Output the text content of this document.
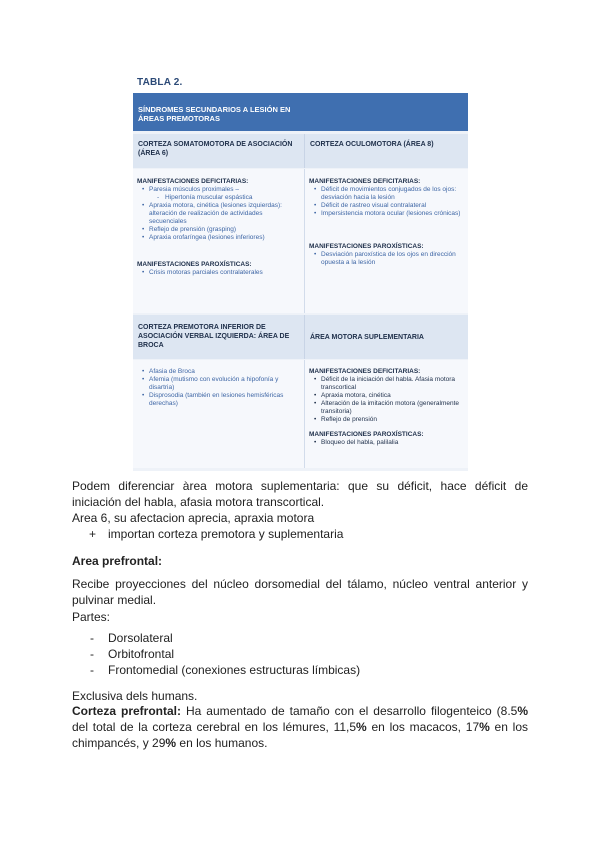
TABLA 2.
SÍNDROMES SECUNDARIOS A LESIÓN EN ÁREAS PREMOTORAS
CORTEZA SOMATOMOTORA DE ASOCIACIÓN (ÁREA 6)
CORTEZA OCULOMOTORA (ÁREA 8)
MANIFESTACIONES DEFICITARIAS:
• Paresia músculos proximales –
- Hipertonía muscular espástica
• Apraxia motora, cinética (lesiones izquierdas): alteración de realización de actividades secuenciales
• Reflejo de prensión (grasping)
• Apraxia orofaríngea (lesiones inferiores)
MANIFESTACIONES PAROXÍSTICAS:
• Crisis motoras parciales contralaterales
MANIFESTACIONES DEFICITARIAS:
• Déficit de movimientos conjugados de los ojos: desviación hacia la lesión
• Déficit de rastreo visual contralateral
• Impersistencia motora ocular (lesiones crónicas)
MANIFESTACIONES PAROXÍSTICAS:
• Desviación paroxística de los ojos en dirección opuesta a la lesión
CORTEZA PREMOTORA INFERIOR DE ASOCIACIÓN VERBAL IZQUIERDA: ÁREA DE BROCA
ÁREA MOTORA SUPLEMENTARIA
• Afasia de Broca
• Afemia (mutismo con evolución a hipofonía y disartria)
• Disprosodia (también en lesiones hemisféricas derechas)
MANIFESTACIONES DEFICITARIAS:
• Déficit de la iniciación del habla. Afasia motora transcortical
• Apraxia motora, cinética
• Alteración de la imitación motora (generalmente transitoria)
• Reflejo de prensión
MANIFESTACIONES PAROXÍSTICAS:
• Bloqueo del habla, palilalia
Podem diferenciar àrea motora suplementaria: que su déficit, hace déficit de iniciación del habla, afasia motora transcortical.
Area 6, su afectacion aprecia, apraxia motora
+ importan corteza premotora y suplementaria
Area prefrontal:
Recibe proyecciones del núcleo dorsomedial del tálamo, núcleo ventral anterior y pulvinar medial.
Partes:
- Dorsolateral
- Orbitofrontal
- Frontomedial (conexiones estructuras límbicas)
Exclusiva dels humans.
Corteza prefrontal: Ha aumentado de tamaño con el desarrollo filogenteico (8.5% del total de la corteza cerebral en los lémures, 11,5% en los macacos, 17% en los chimpancés, y 29% en los humanos.
